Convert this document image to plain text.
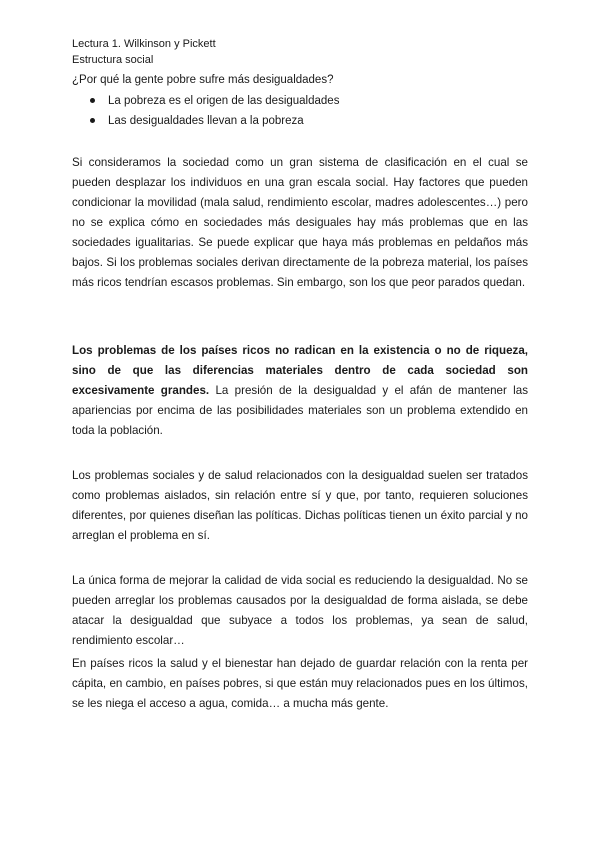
Lectura 1. Wilkinson y Pickett
Estructura social
¿Por qué la gente pobre sufre más desigualdades?
La pobreza es el origen de las desigualdades
Las desigualdades llevan a la pobreza

Si consideramos la sociedad como un gran sistema de clasificación en el cual se pueden desplazar los individuos en una gran escala social. Hay factores que pueden condicionar la movilidad (mala salud, rendimiento escolar, madres adolescentes…) pero no se explica cómo en sociedades más desiguales hay más problemas que en las sociedades igualitarias. Se puede explicar que haya más problemas en peldaños más bajos. Si los problemas sociales derivan directamente de la pobreza material, los países más ricos tendrían escasos problemas. Sin embargo, son los que peor parados quedan.

Los problemas de los países ricos no radican en la existencia o no de riqueza, sino de que las diferencias materiales dentro de cada sociedad son excesivamente grandes. La presión de la desigualdad y el afán de mantener las apariencias por encima de las posibilidades materiales son un problema extendido en toda la población.

Los problemas sociales y de salud relacionados con la desigualdad suelen ser tratados como problemas aislados, sin relación entre sí y que, por tanto, requieren soluciones diferentes, por quienes diseñan las políticas. Dichas políticas tienen un éxito parcial y no arreglan el problema en sí.

La única forma de mejorar la calidad de vida social es reduciendo la desigualdad. No se pueden arreglar los problemas causados por la desigualdad de forma aislada, se debe atacar la desigualdad que subyace a todos los problemas, ya sean de salud, rendimiento escolar…

En países ricos la salud y el bienestar han dejado de guardar relación con la renta per cápita, en cambio, en países pobres, si que están muy relacionados pues en los últimos, se les niega el acceso a agua, comida… a mucha más gente.
